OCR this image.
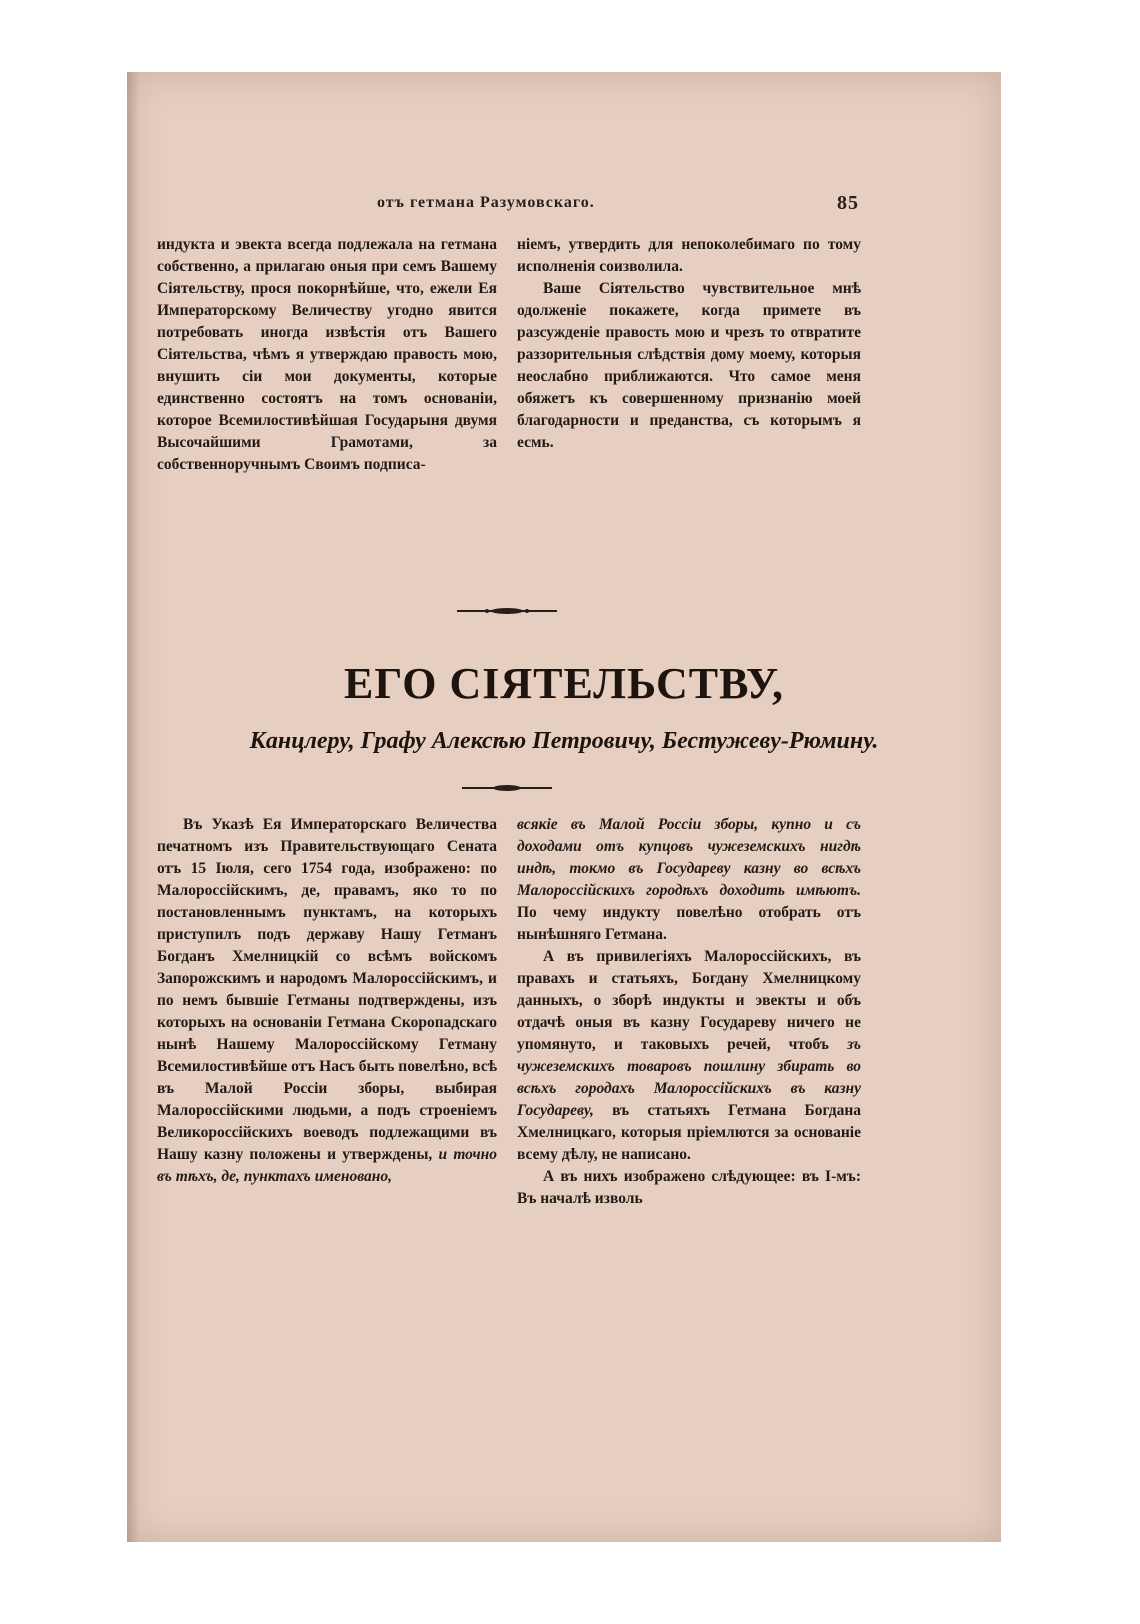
отъ гетмана Разумовскаго.	85

индукта и эвекта всегда подлежала на гетмана собственно, а прилагаю оныя при семъ Вашему Сіятельству, прося покорнѣйше, что, ежели Ея Императорскому Величеству угодно явится потребовать иногда извѣстія отъ Вашего Сіятельства, чѣмъ я утверждаю правость мою, внушить сіи мои документы, которые единственно состоятъ на томъ основаніи, которое Всемилостивѣйшая Государыня двумя Высочайшими Грамотами, за собственноручнымъ Своимъ подписа-

ніемъ, утвердить для непоколебимаго по тому исполненія соизволила.

Ваше Сіятельство чувствительное мнѣ одолженіе покажете, когда примете въ разсужденіе правость мою и чрезъ то отвратите раззорительныя слѣдствія дому моему, которыя неослабно приближаются. Что самое меня обяжетъ къ совершенному признанію моей благодарности и преданства, съ которымъ я есмь.

ЕГО СІЯТЕЛЬСТВУ,
Канцлеру, Графу Алексѣю Петровичу, Бестужеву-Рюмину.

Въ Указѣ Ея Императорскаго Величества печатномъ изъ Правительствующаго Сената отъ 15 Іюля, сего 1754 года, изображено: по Малороссійскимъ, де, правамъ, яко то по постановленнымъ пунктамъ, на которыхъ приступилъ подъ державу Нашу Гетманъ Богданъ Хмелницкій со всѣмъ войскомъ Запорожскимъ и народомъ Малороссійскимъ, и по немъ бывшіе Гетманы подтверждены, изъ которыхъ на основаніи Гетмана Скоропадскаго нынѣ Нашему Малороссійскому Гетману Всемилостивѣйше отъ Насъ быть повелѣно, всѣ въ Малой Россіи зборы, выбирая Малороссійскими людьми, а подъ строеніемъ Великороссійскихъ воеводъ подлежащими въ Нашу казну положены и утверждены, и точно въ тѣхъ, де, пунктахъ именовано,

всякіе въ Малой Россіи зборы, купно и съ доходами отъ купцовъ чужеземскихъ нигдѣ индѣ, токмо въ Государеву казну во всѣхъ Малороссійскихъ городѣхъ доходить имѣютъ. По чему индукту повелѣно отобрать отъ нынѣшняго Гетмана.

А въ привилегіяхъ Малороссійскихъ, въ правахъ и статьяхъ, Богдану Хмелницкому данныхъ, о зборѣ индукты и эвекты и объ отдачѣ оныя въ казну Государеву ничего не упомянуто, и таковыхъ речей, чтобъ зъ чужеземскихъ товаровъ пошлину збирать во всѣхъ городахъ Малороссійскихъ въ казну Государеву, въ статьяхъ Гетмана Богдана Хмелницкаго, которыя пріемлются за основаніе всему дѣлу, не написано.

А въ нихъ изображено слѣдующее: въ І-мъ: Въ началѣ изволь
